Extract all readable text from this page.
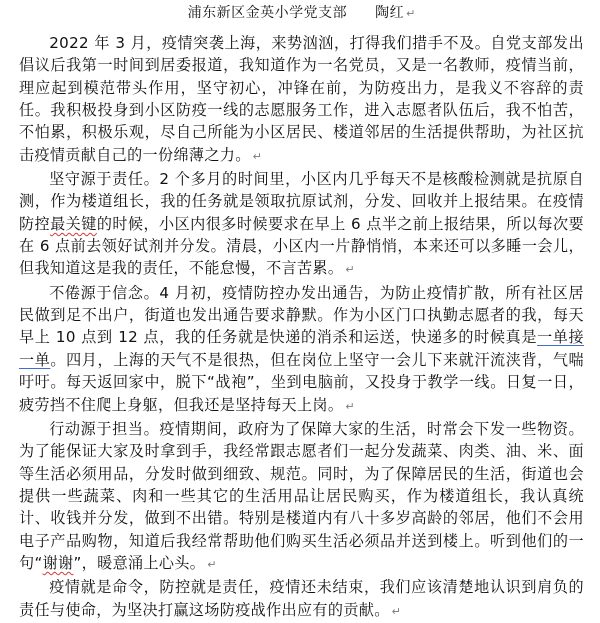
浦东新区金英小学党支部 陶红 ↵

2022 年 3 月，疫情突袭上海，来势汹汹，打得我们措手不及。自党支部发出倡议后我第一时间到居委报道，我知道作为一名党员，又是一名教师，疫情当前，理应起到模范带头作用，坚守初心，冲锋在前，为防疫出力，是我义不容辞的责任。我积极投身到小区防疫一线的志愿服务工作，进入志愿者队伍后，我不怕苦，不怕累，积极乐观，尽自己所能为小区居民、楼道邻居的生活提供帮助，为社区抗击疫情贡献自己的一份绵薄之力。 ↵

坚守源于责任。2 个多月的时间里，小区内几乎每天不是核酸检测就是抗原自测，作为楼道组长，我的任务就是领取抗原试剂，分发、回收并上报结果。在疫情防控最关键的时候，小区内很多时候要求在早上 6 点半之前上报结果，所以每次要在 6 点前去领好试剂并分发。清晨，小区内一片静悄悄，本来还可以多睡一会儿，但我知道这是我的责任，不能怠慢，不言苦累。 ↵

不倦源于信念。4 月初，疫情防控办发出通告，为防止疫情扩散，所有社区居民做到足不出户，街道也发出通告要求静默。作为小区门口执勤志愿者的我，每天早上 10 点到 12 点，我的任务就是快递的消杀和运送，快递多的时候真是一单接一单。四月，上海的天气不是很热，但在岗位上坚守一会儿下来就汗流浃背，气喘吁吁。每天返回家中，脱下“战袍”，坐到电脑前，又投身于教学一线。日复一日，疲劳挡不住爬上身躯，但我还是坚持每天上岗。 ↵

行动源于担当。疫情期间，政府为了保障大家的生活，时常会下发一些物资。为了能保证大家及时拿到手，我经常跟志愿者们一起分发蔬菜、肉类、油、米、面等生活必须用品，分发时做到细致、规范。同时，为了保障居民的生活，街道也会提供一些蔬菜、肉和一些其它的生活用品让居民购买，作为楼道组长，我认真统计、收钱并分发，做到不出错。特别是楼道内有八十多岁高龄的邻居，他们不会用电子产品购物，知道后我经常帮助他们购买生活必须品并送到楼上。听到他们的一句“谢谢”，暖意涌上心头。 ↵

疫情就是命令，防控就是责任，疫情还未结束，我们应该清楚地认识到肩负的责任与使命，为坚决打赢这场防疫战作出应有的贡献。 ↵
